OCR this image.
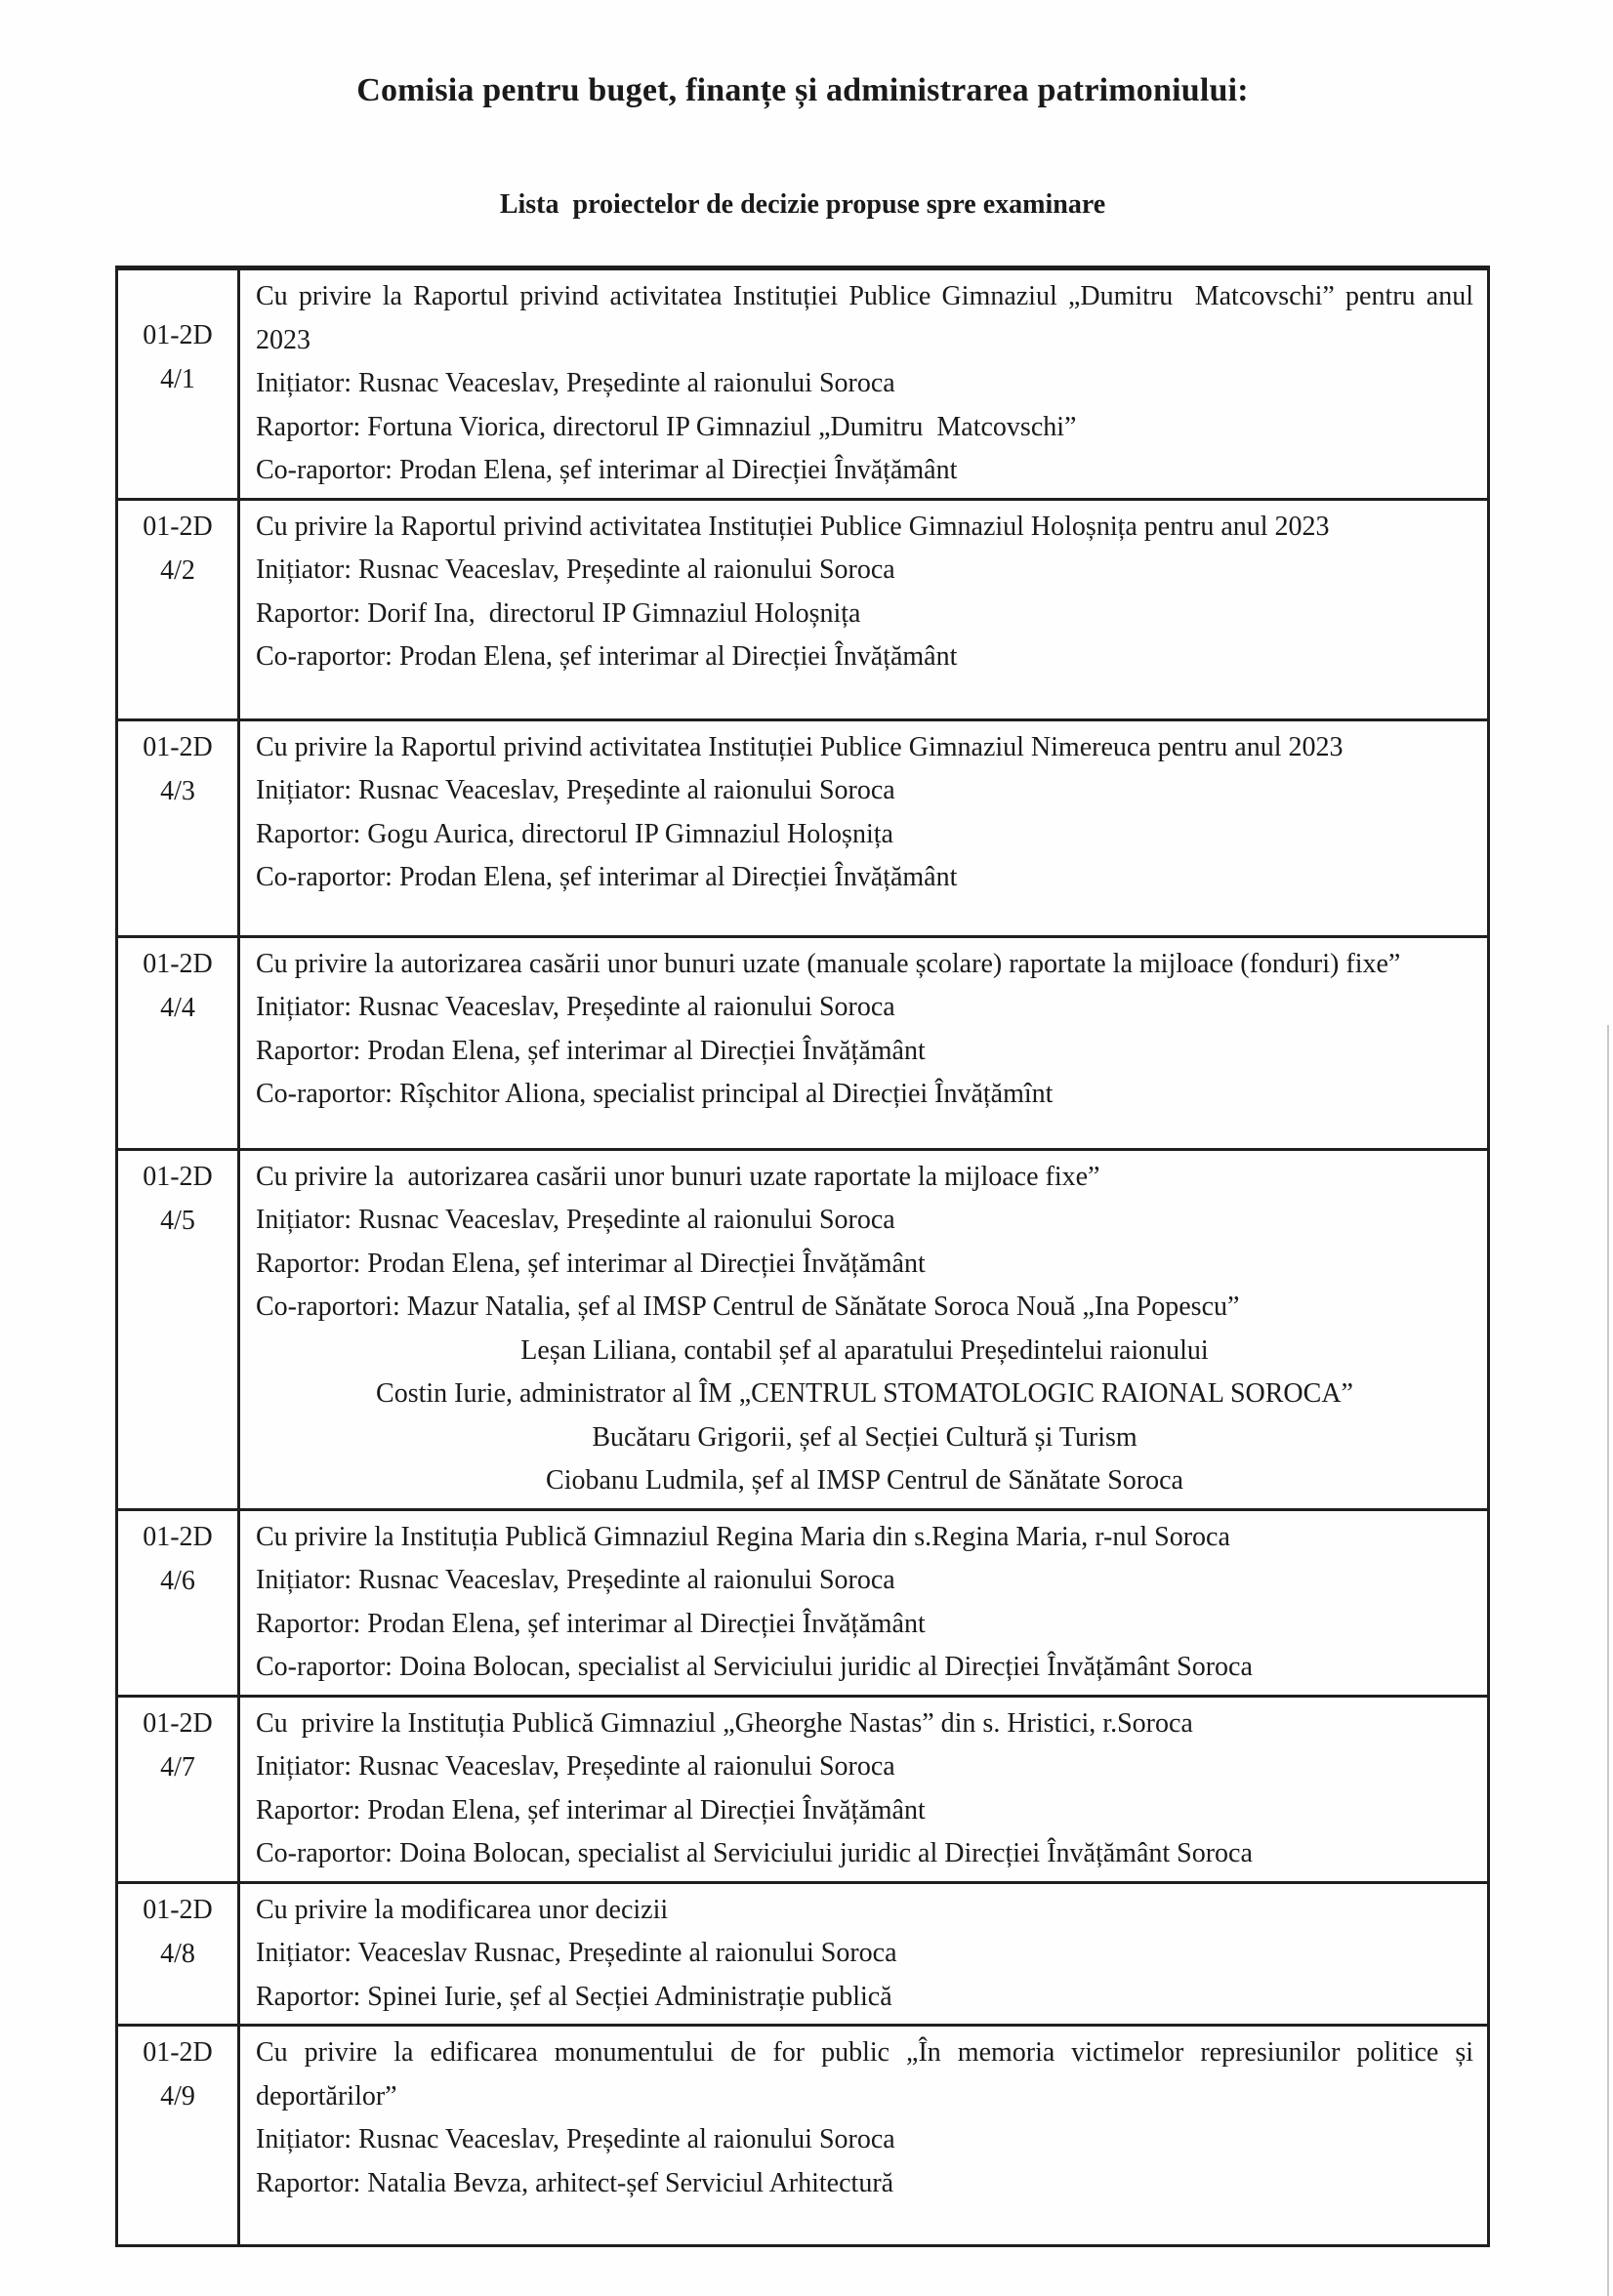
Comisia pentru buget, finanțe și administrarea patrimoniului:
Lista  proiectelor de decizie propuse spre examinare
01-2D
4/1
Cu privire la Raportul privind activitatea Instituției Publice Gimnaziul „Dumitru  Matcovschi” pentru anul 2023
Inițiator: Rusnac Veaceslav, Președinte al raionului Soroca
Raportor: Fortuna Viorica, directorul IP Gimnaziul „Dumitru  Matcovschi”
Co-raportor: Prodan Elena, șef interimar al Direcției Învățământ
01-2D
4/2
Cu privire la Raportul privind activitatea Instituției Publice Gimnaziul Holoșnița pentru anul 2023
Inițiator: Rusnac Veaceslav, Președinte al raionului Soroca
Raportor: Dorif Ina,  directorul IP Gimnaziul Holoșnița
Co-raportor: Prodan Elena, șef interimar al Direcției Învățământ
01-2D
4/3
Cu privire la Raportul privind activitatea Instituției Publice Gimnaziul Nimereuca pentru anul 2023
Inițiator: Rusnac Veaceslav, Președinte al raionului Soroca
Raportor: Gogu Aurica, directorul IP Gimnaziul Holoșnița
Co-raportor: Prodan Elena, șef interimar al Direcției Învățământ
01-2D
4/4
Cu privire la autorizarea casării unor bunuri uzate (manuale școlare) raportate la mijloace (fonduri) fixe”
Inițiator: Rusnac Veaceslav, Președinte al raionului Soroca
Raportor: Prodan Elena, șef interimar al Direcției Învățământ
Co-raportor: Rîșchitor Aliona, specialist principal al Direcției Învățămînt
01-2D
4/5
Cu privire la  autorizarea casării unor bunuri uzate raportate la mijloace fixe”
Inițiator: Rusnac Veaceslav, Președinte al raionului Soroca
Raportor: Prodan Elena, șef interimar al Direcției Învățământ
Co-raportori: Mazur Natalia, șef al IMSP Centrul de Sănătate Soroca Nouă „Ina Popescu”
Leșan Liliana, contabil șef al aparatului Președintelui raionului
Costin Iurie, administrator al ÎM „CENTRUL STOMATOLOGIC RAIONAL SOROCA”
Bucătaru Grigorii, șef al Secției Cultură și Turism
Ciobanu Ludmila, șef al IMSP Centrul de Sănătate Soroca
01-2D
4/6
Cu privire la Instituția Publică Gimnaziul Regina Maria din s.Regina Maria, r-nul Soroca
Inițiator: Rusnac Veaceslav, Președinte al raionului Soroca
Raportor: Prodan Elena, șef interimar al Direcției Învățământ
Co-raportor: Doina Bolocan, specialist al Serviciului juridic al Direcției Învățământ Soroca
01-2D
4/7
Cu  privire la Instituția Publică Gimnaziul „Gheorghe Nastas” din s. Hristici, r.Soroca
Inițiator: Rusnac Veaceslav, Președinte al raionului Soroca
Raportor: Prodan Elena, șef interimar al Direcției Învățământ
Co-raportor: Doina Bolocan, specialist al Serviciului juridic al Direcției Învățământ Soroca
01-2D
4/8
Cu privire la modificarea unor decizii
Inițiator: Veaceslav Rusnac, Președinte al raionului Soroca
Raportor: Spinei Iurie, șef al Secției Administrație publică
01-2D
4/9
Cu privire la edificarea monumentului de for public „În memoria victimelor represiunilor politice și deportărilor”
Inițiator: Rusnac Veaceslav, Președinte al raionului Soroca
Raportor: Natalia Bevza, arhitect-șef Serviciul Arhitectură
